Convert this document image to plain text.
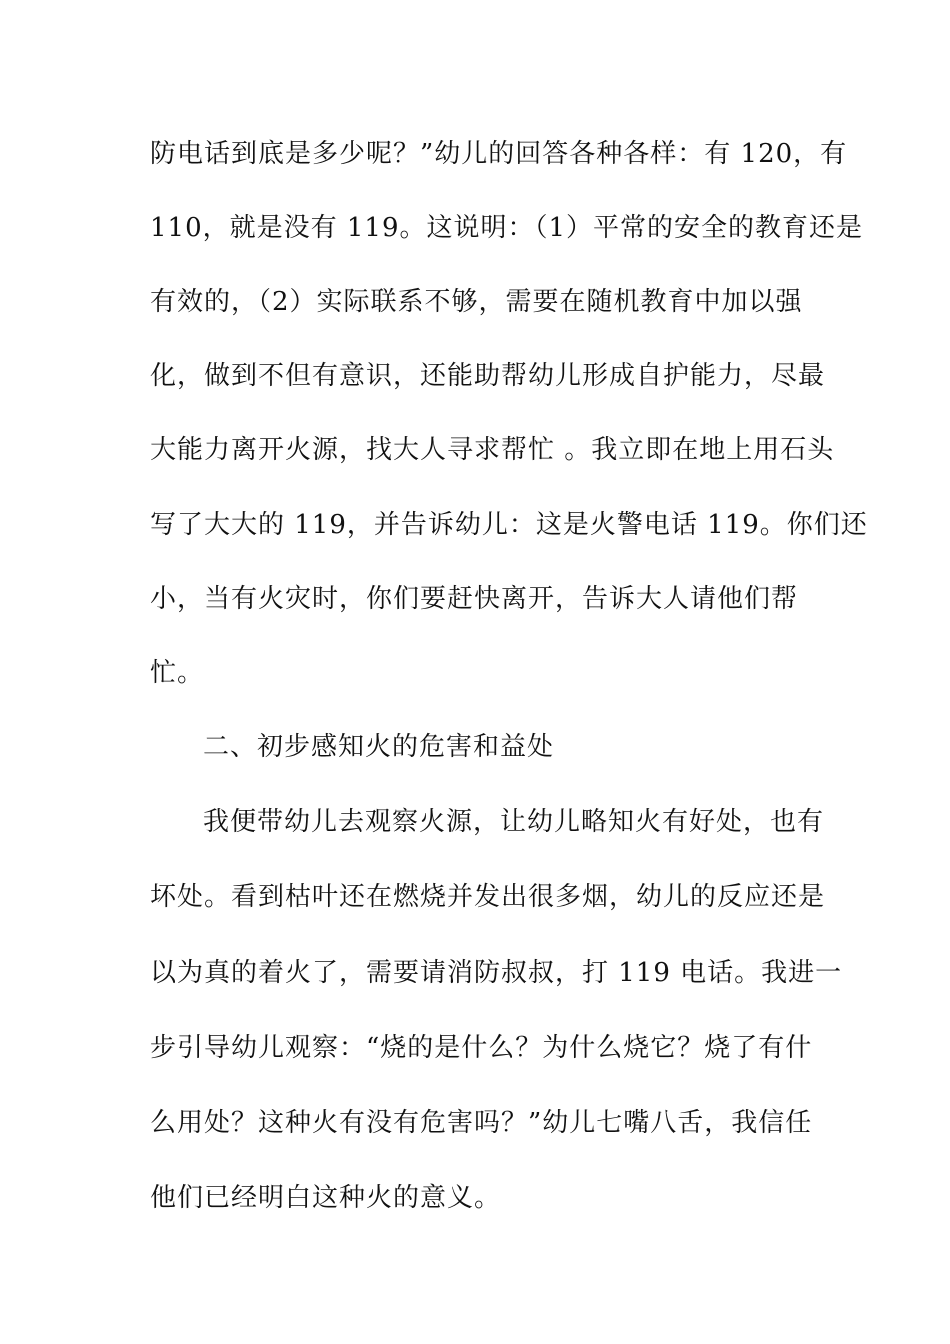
防电话到底是多少呢？”幼儿的回答各种各样：有 120，有
110，就是没有 119。这说明：（1）平常的安全的教育还是
有效的，（2）实际联系不够，需要在随机教育中加以强
化，做到不但有意识，还能助帮幼儿形成自护能力，尽最
大能力离开火源，找大人寻求帮忙 。我立即在地上用石头
写了大大的 119，并告诉幼儿：这是火警电话 119。你们还
小，当有火灾时，你们要赶快离开，告诉大人请他们帮
忙。
二、初步感知火的危害和益处
我便带幼儿去观察火源，让幼儿略知火有好处，也有
坏处。看到枯叶还在燃烧并发出很多烟，幼儿的反应还是
以为真的着火了，需要请消防叔叔，打 119 电话。我进一
步引导幼儿观察：“烧的是什么？为什么烧它？烧了有什
么用处？这种火有没有危害吗？”幼儿七嘴八舌，我信任
他们已经明白这种火的意义。
